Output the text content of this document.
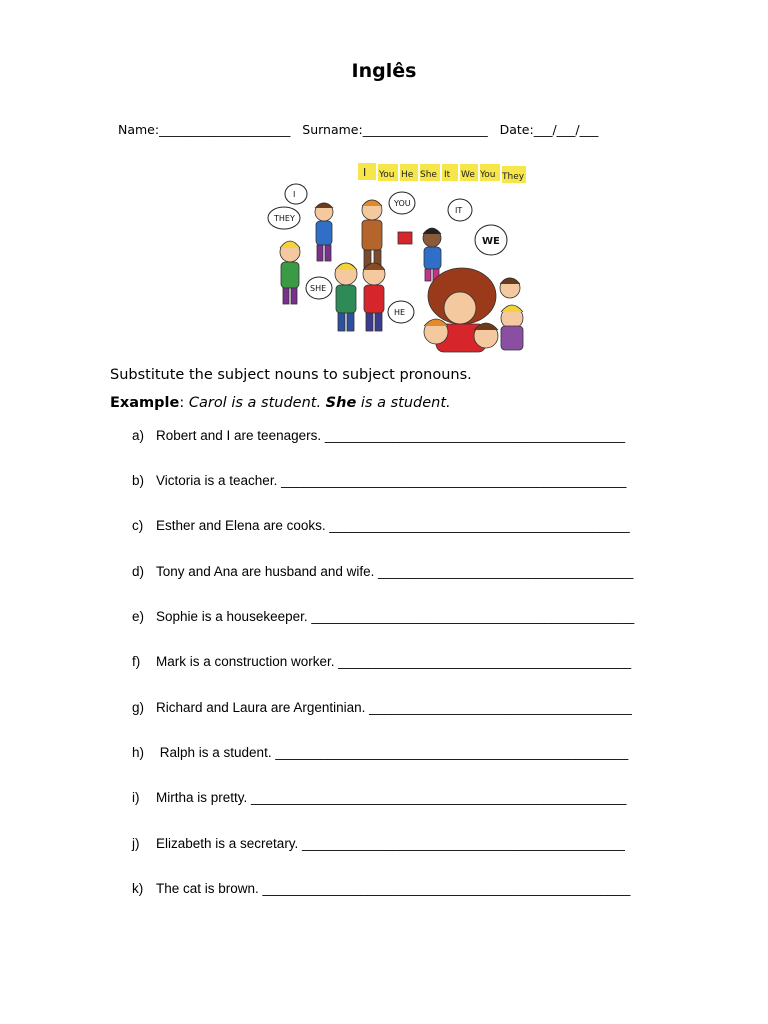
Inglês
Name:_____________________   Surname:____________________   Date:___/___/___
I You He She It We You They
I
THEY
YOU
IT
WE
SHE
HE
Substitute the subject nouns to subject pronouns.
Example: Carol is a student. She is a student.
a) Robert and I are teenagers. ________________________________________
b) Victoria is a teacher. ______________________________________________
c) Esther and Elena are cooks. ________________________________________
d) Tony and Ana are husband and wife. __________________________________
e) Sophie is a housekeeper. ___________________________________________
f) Mark is a construction worker. _______________________________________
g) Richard and Laura are Argentinian. ___________________________________
h) Ralph is a student. _______________________________________________
i) Mirtha is pretty. __________________________________________________
j) Elizabeth is a secretary. ___________________________________________
k) The cat is brown. _________________________________________________
